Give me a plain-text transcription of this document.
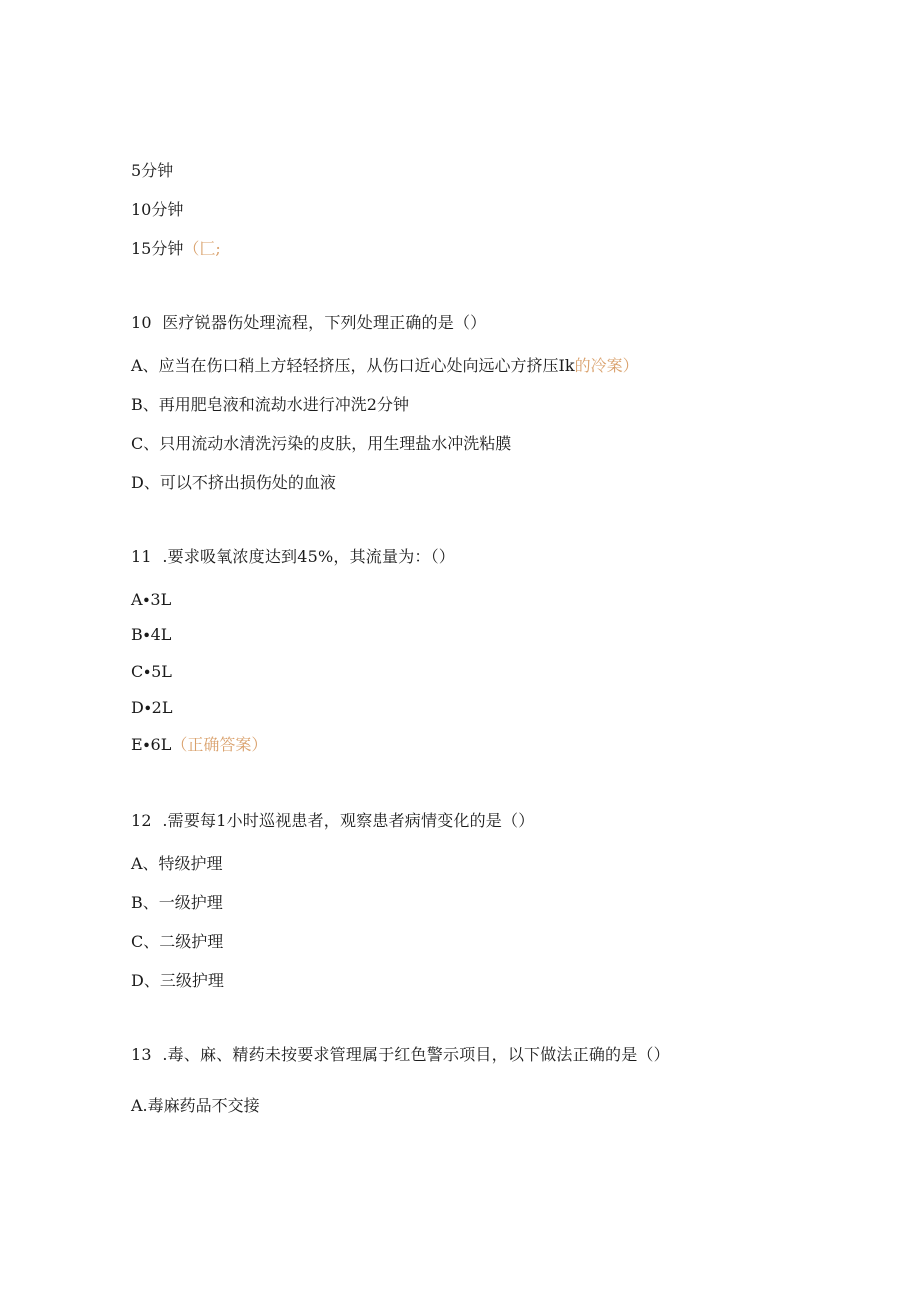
5分钟
10分钟
15分钟（匚;
10 医疗锐器伤处理流程，下列处理正确的是（）
A、应当在伤口稍上方轻轻挤压，从伤口近心处向远心方挤压Ik的冷案）
B、再用肥皂液和流劫水进行冲洗2分钟
C、只用流动水清洗污染的皮肤，用生理盐水冲洗粘膜
D、可以不挤出损伤处的血液
11 .要求吸氧浓度达到45%，其流量为：（）
A∙3L
B∙4L
C∙5L
D∙2L
E∙6L（正确答案）
12 .需要每1小时巡视患者，观察患者病情变化的是（）
A、特级护理
B、一级护理
C、二级护理
D、三级护理
13 .毒、麻、精药未按要求管理属于红色警示项目，以下做法正确的是（）
A.毒麻药品不交接
